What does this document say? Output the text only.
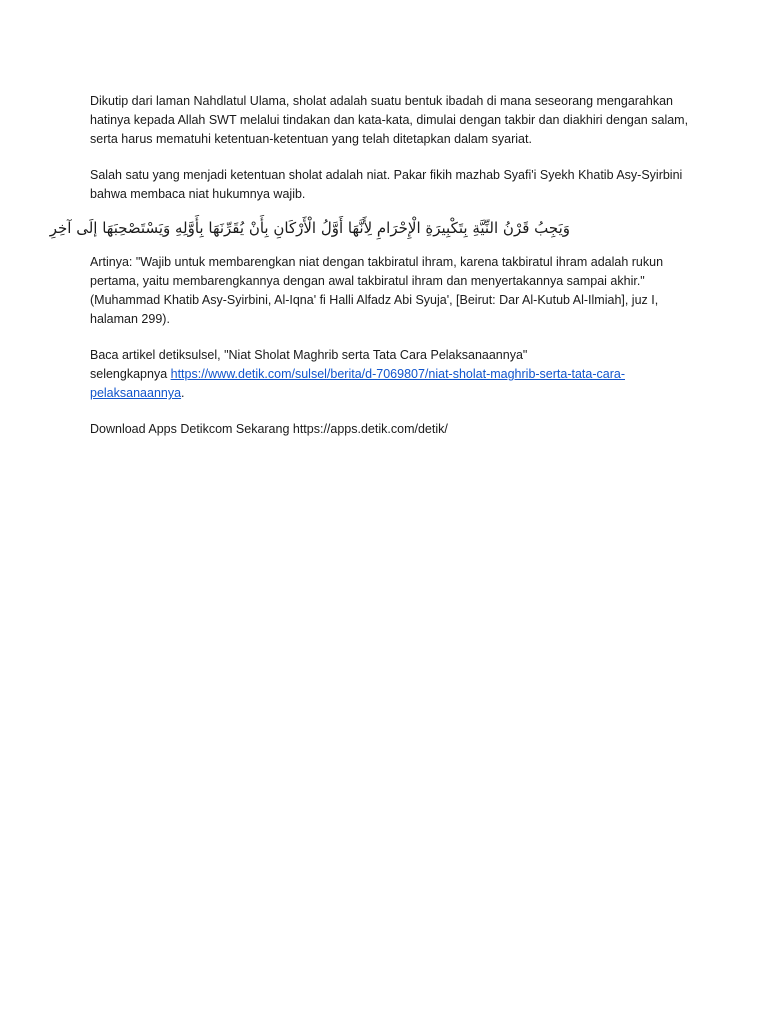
Dikutip dari laman Nahdlatul Ulama, sholat adalah suatu bentuk ibadah di mana seseorang mengarahkan hatinya kepada Allah SWT melalui tindakan dan kata-kata, dimulai dengan takbir dan diakhiri dengan salam, serta harus mematuhi ketentuan-ketentuan yang telah ditetapkan dalam syariat.

Salah satu yang menjadi ketentuan sholat adalah niat. Pakar fikih mazhab Syafi'i Syekh Khatib Asy-Syirbini bahwa membaca niat hukumnya wajib.

وَيَجِبُ قَرْنُ النِّيَّةِ بِتَكْبِيرَةِ الْإِحْرَامِ لِأَنَّهَا أَوَّلُ الْأَرْكَانِ بِأَنْ يُقَرِّنَهَا بِأَوَّلِهِ وَيَسْتَصْحِبَهَا إلَى آخِرِ

Artinya: "Wajib untuk membarengkan niat dengan takbiratul ihram, karena takbiratul ihram adalah rukun pertama, yaitu membarengkannya dengan awal takbiratul ihram dan menyertakannya sampai akhir." (Muhammad Khatib Asy-Syirbini, Al-Iqna' fi Halli Alfadz Abi Syuja', [Beirut: Dar Al-Kutub Al-Ilmiah], juz I, halaman 299).

Baca artikel detiksulsel, "Niat Sholat Maghrib serta Tata Cara Pelaksanaannya"
selengkapnya https://www.detik.com/sulsel/berita/d-7069807/niat-sholat-maghrib-serta-tata-cara-pelaksanaannya.

Download Apps Detikcom Sekarang https://apps.detik.com/detik/
